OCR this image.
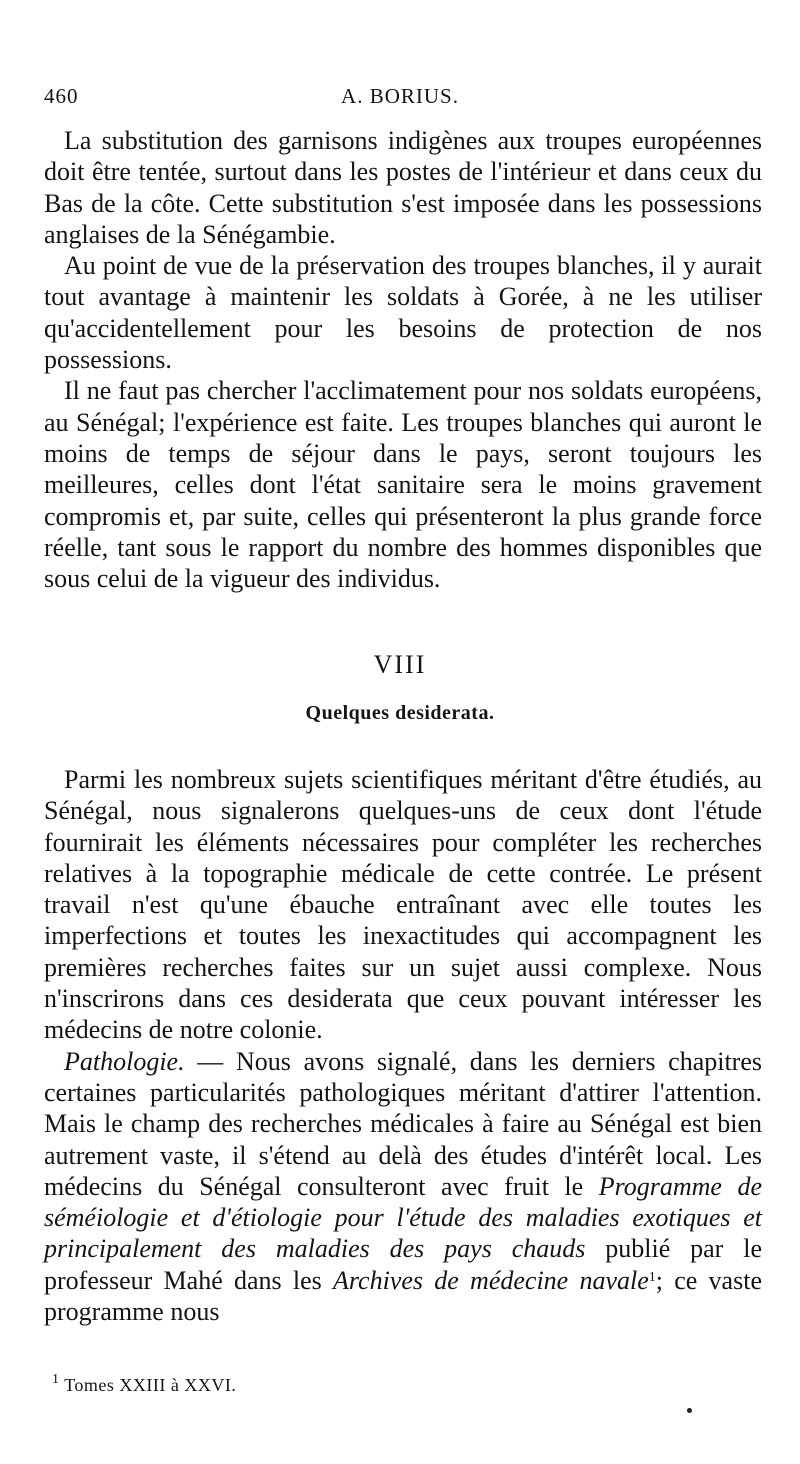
460	A. BORIUS.

La substitution des garnisons indigènes aux troupes européennes doit être tentée, surtout dans les postes de l'intérieur et dans ceux du Bas de la côte. Cette substitution s'est imposée dans les possessions anglaises de la Sénégambie.

Au point de vue de la préservation des troupes blanches, il y aurait tout avantage à maintenir les soldats à Gorée, à ne les utiliser qu'accidentellement pour les besoins de protection de nos possessions.

Il ne faut pas chercher l'acclimatement pour nos soldats européens, au Sénégal; l'expérience est faite. Les troupes blanches qui auront le moins de temps de séjour dans le pays, seront toujours les meilleures, celles dont l'état sanitaire sera le moins gravement compromis et, par suite, celles qui présenteront la plus grande force réelle, tant sous le rapport du nombre des hommes disponibles que sous celui de la vigueur des individus.

VIII
Quelques desiderata.

Parmi les nombreux sujets scientifiques méritant d'être étudiés, au Sénégal, nous signalerons quelques-uns de ceux dont l'étude fournirait les éléments nécessaires pour compléter les recherches relatives à la topographie médicale de cette contrée. Le présent travail n'est qu'une ébauche entraînant avec elle toutes les imperfections et toutes les inexactitudes qui accompagnent les premières recherches faites sur un sujet aussi complexe. Nous n'inscrirons dans ces desiderata que ceux pouvant intéresser les médecins de notre colonie.

Pathologie. — Nous avons signalé, dans les derniers chapitres certaines particularités pathologiques méritant d'attirer l'attention. Mais le champ des recherches médicales à faire au Sénégal est bien autrement vaste, il s'étend au delà des études d'intérêt local. Les médecins du Sénégal consulteront avec fruit le Programme de séméiologie et d'étiologie pour l'étude des maladies exotiques et principalement des maladies des pays chauds publié par le professeur Mahé dans les Archives de médecine navale$^1$; ce vaste programme nous

$^1$ Tomes XXIII à XXVI.
